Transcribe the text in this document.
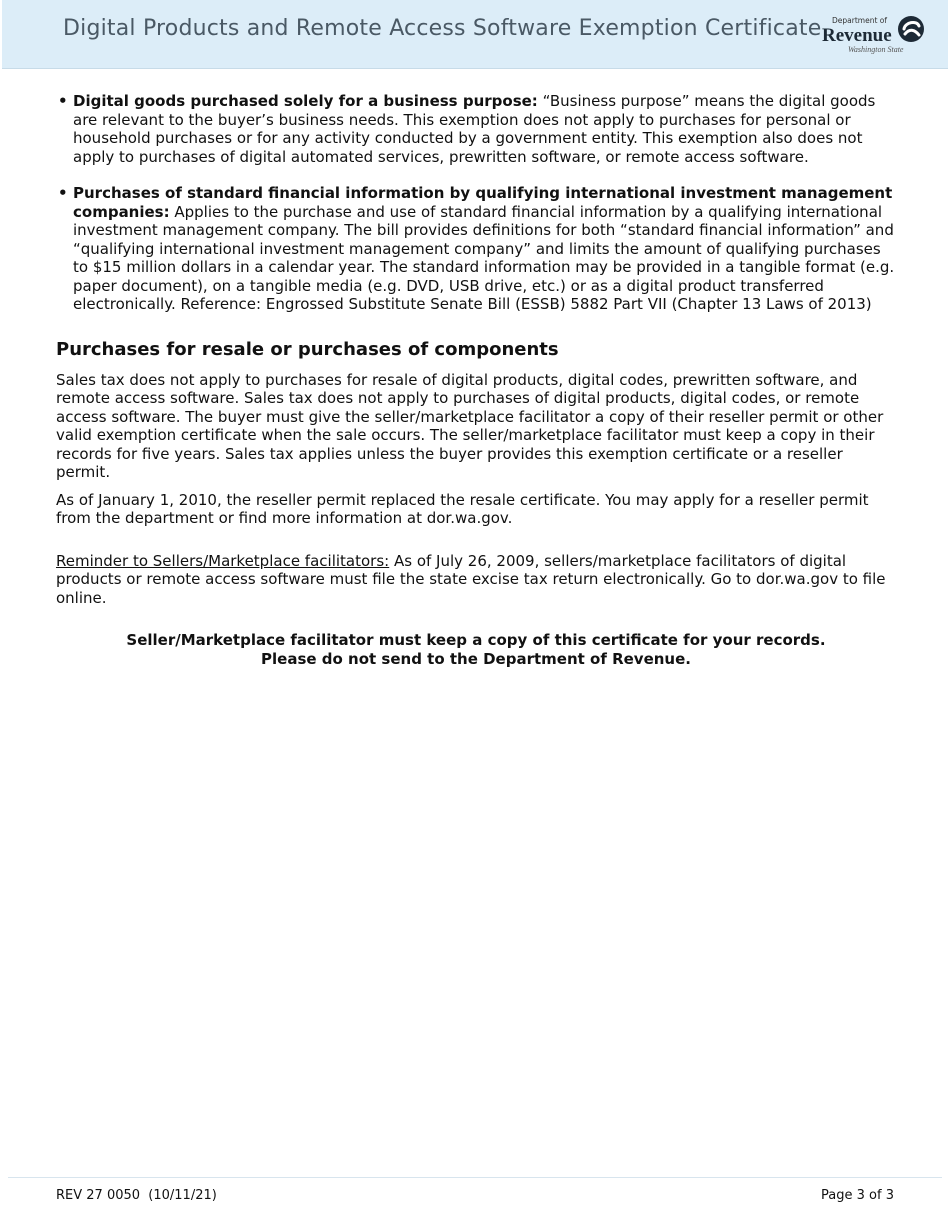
Digital Products and Remote Access Software Exemption Certificate Department of
Revenue
Washington State
• Digital goods purchased solely for a business purpose: “Business purpose” means the digital goods are relevant to the buyer’s business needs. This exemption does not apply to purchases for personal or household purchases or for any activity conducted by a government entity. This exemption also does not apply to purchases of digital automated services, prewritten software, or remote access software.
• Purchases of standard financial information by qualifying international investment management companies: Applies to the purchase and use of standard financial information by a qualifying international investment management company. The bill provides definitions for both “standard financial information” and “qualifying international investment management company” and limits the amount of qualifying purchases to $15 million dollars in a calendar year. The standard information may be provided in a tangible format (e.g. paper document), on a tangible media (e.g. DVD, USB drive, etc.) or as a digital product transferred electronically. Reference: Engrossed Substitute Senate Bill (ESSB) 5882 Part VII (Chapter 13 Laws of 2013)
Purchases for resale or purchases of components

Sales tax does not apply to purchases for resale of digital products, digital codes, prewritten software, and remote access software. Sales tax does not apply to purchases of digital products, digital codes, or remote access software. The buyer must give the seller/marketplace facilitator a copy of their reseller permit or other valid exemption certificate when the sale occurs. The seller/marketplace facilitator must keep a copy in their records for five years. Sales tax applies unless the buyer provides this exemption certificate or a reseller permit.

As of January 1, 2010, the reseller permit replaced the resale certificate. You may apply for a reseller permit from the department or find more information at dor.wa.gov.

Reminder to Sellers/Marketplace facilitators: As of July 26, 2009, sellers/marketplace facilitators of digital products or remote access software must file the state excise tax return electronically. Go to dor.wa.gov to file online.

Seller/Marketplace facilitator must keep a copy of this certificate for your records.
Please do not send to the Department of Revenue.
REV 27 0050  (10/11/21)	Page 3 of 3
